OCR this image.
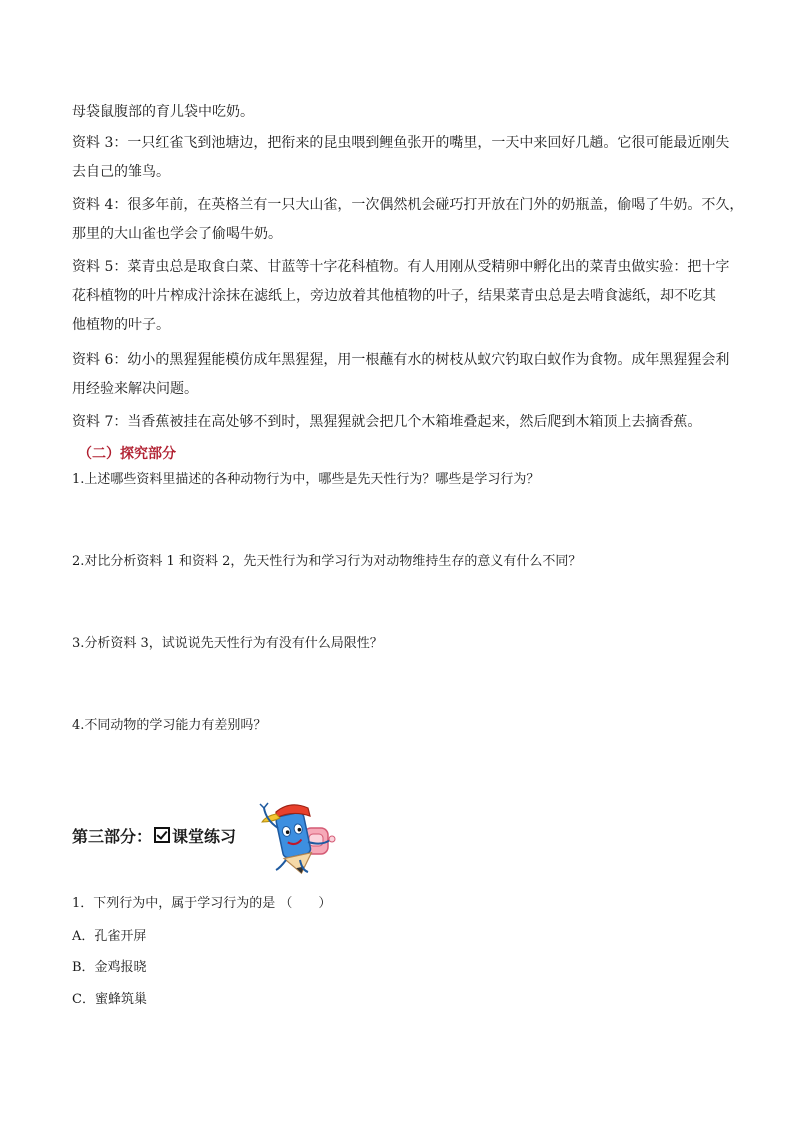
母袋鼠腹部的育儿袋中吃奶。
资料 3：一只红雀飞到池塘边，把衔来的昆虫喂到鲤鱼张开的嘴里，一天中来回好几趟。它很可能最近刚失
去自己的雏鸟。
资料 4：很多年前，在英格兰有一只大山雀，一次偶然机会碰巧打开放在门外的奶瓶盖，偷喝了牛奶。不久，
那里的大山雀也学会了偷喝牛奶。
资料 5：菜青虫总是取食白菜、甘蓝等十字花科植物。有人用刚从受精卵中孵化出的菜青虫做实验：把十字
花科植物的叶片榨成汁涂抹在滤纸上，旁边放着其他植物的叶子，结果菜青虫总是去啃食滤纸，却不吃其
他植物的叶子。
资料 6：幼小的黑猩猩能模仿成年黑猩猩，用一根蘸有水的树枝从蚁穴钓取白蚁作为食物。成年黑猩猩会利
用经验来解决问题。
资料 7：当香蕉被挂在高处够不到时，黑猩猩就会把几个木箱堆叠起来，然后爬到木箱顶上去摘香蕉。

（二）探究部分

1.上述哪些资料里描述的各种动物行为中，哪些是先天性行为？哪些是学习行为？

2.对比分析资料 1 和资料 2，先天性行为和学习行为对动物维持生存的意义有什么不同？

3.分析资料 3，试说说先天性行为有没有什么局限性？

4.不同动物的学习能力有差别吗？

第三部分： 课堂练习

1．下列行为中，属于学习行为的是 （　　）

A．孔雀开屏

B．金鸡报晓

C．蜜蜂筑巢
